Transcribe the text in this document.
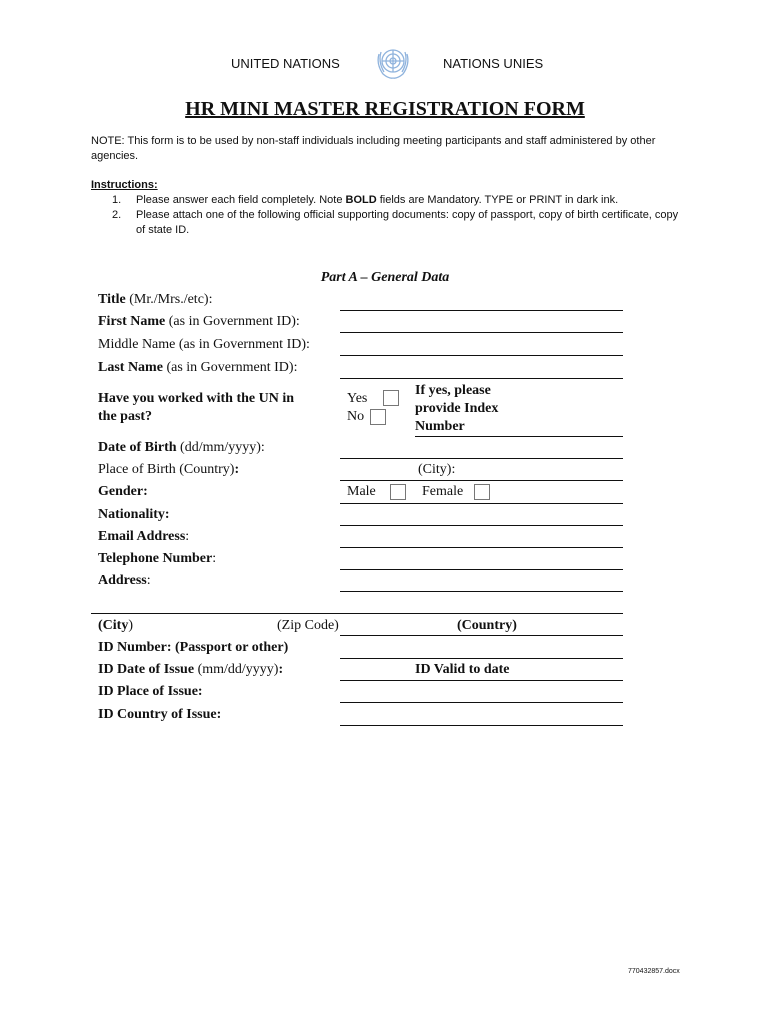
UNITED NATIONS	NATIONS UNIES
HR MINI MASTER REGISTRATION FORM
NOTE: This form is to be used by non-staff individuals including meeting participants and staff administered by other agencies.
Instructions:
1. Please answer each field completely. Note BOLD fields are Mandatory. TYPE or PRINT in dark ink.
2. Please attach one of the following official supporting documents: copy of passport, copy of birth certificate, copy of state ID.
Part A – General Data
Title (Mr./Mrs./etc):
First Name (as in Government ID):
Middle Name (as in Government ID):
Last Name (as in Government ID):
Have you worked with the UN in
the past?
Yes
No
If yes, please
provide Index
Number
Date of Birth (dd/mm/yyyy):
Place of Birth (Country):	(City):
Gender:	Male	Female
Nationality:
Email Address:
Telephone Number:
Address:
(City)	(Zip Code)	(Country)
ID Number: (Passport or other)
ID Date of Issue (mm/dd/yyyy):	ID Valid to date
ID Place of Issue:
ID Country of Issue:
770432857.docx
